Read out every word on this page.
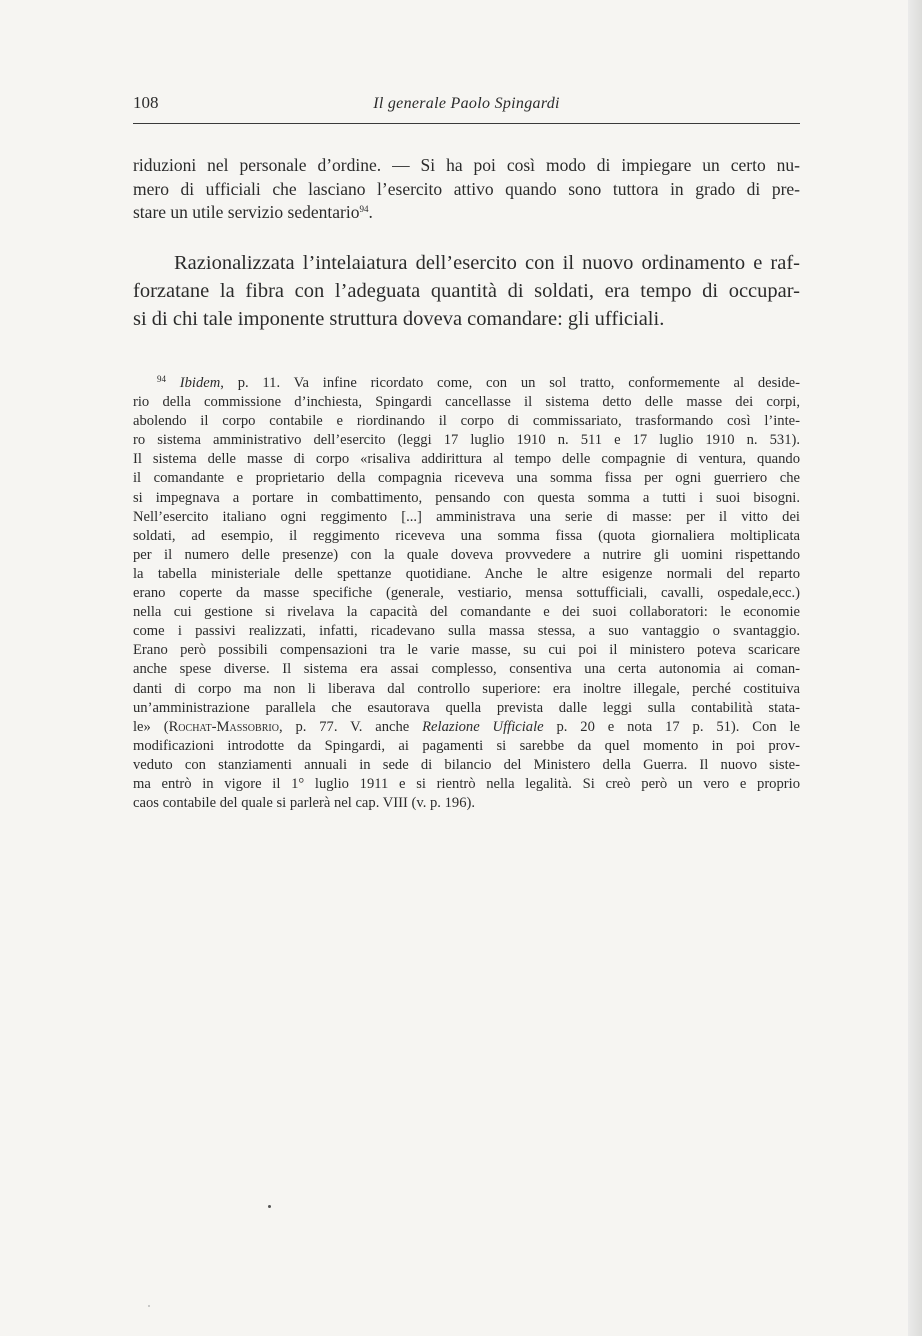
108	Il generale Paolo Spingardi
riduzioni nel personale d’ordine. — Si ha poi così modo di impiegare un certo nu-
mero di ufficiali che lasciano l’esercito attivo quando sono tuttora in grado di pre-
stare un utile servizio sedentario$^{94}$.
Razionalizzata l’intelaiatura dell’esercito con il nuovo ordinamento e raf-
forzatane la fibra con l’adeguata quantità di soldati, era tempo di occupar-
si di chi tale imponente struttura doveva comandare: gli ufficiali.
$^{94}$ Ibidem, p. 11. Va infine ricordato come, con un sol tratto, conformemente al deside-
rio della commissione d’inchiesta, Spingardi cancellasse il sistema detto delle masse dei corpi,
abolendo il corpo contabile e riordinando il corpo di commissariato, trasformando così l’inte-
ro sistema amministrativo dell’esercito (leggi 17 luglio 1910 n. 511 e 17 luglio 1910 n. 531).
Il sistema delle masse di corpo «risaliva addirittura al tempo delle compagnie di ventura, quando
il comandante e proprietario della compagnia riceveva una somma fissa per ogni guerriero che
si impegnava a portare in combattimento, pensando con questa somma a tutti i suoi bisogni.
Nell’esercito italiano ogni reggimento [...] amministrava una serie di masse: per il vitto dei
soldati, ad esempio, il reggimento riceveva una somma fissa (quota giornaliera moltiplicata
per il numero delle presenze) con la quale doveva provvedere a nutrire gli uomini rispettando
la tabella ministeriale delle spettanze quotidiane. Anche le altre esigenze normali del reparto
erano coperte da masse specifiche (generale, vestiario, mensa sottufficiali, cavalli, ospedale,ecc.)
nella cui gestione si rivelava la capacità del comandante e dei suoi collaboratori: le economie
come i passivi realizzati, infatti, ricadevano sulla massa stessa, a suo vantaggio o svantaggio.
Erano però possibili compensazioni tra le varie masse, su cui poi il ministero poteva scaricare
anche spese diverse. Il sistema era assai complesso, consentiva una certa autonomia ai coman-
danti di corpo ma non li liberava dal controllo superiore: era inoltre illegale, perché costituiva
un’amministrazione parallela che esautorava quella prevista dalle leggi sulla contabilità stata-
le» (Rochat-Massobrio, p. 77. V. anche Relazione Ufficiale p. 20 e nota 17 p. 51). Con le
modificazioni introdotte da Spingardi, ai pagamenti si sarebbe da quel momento in poi prov-
veduto con stanziamenti annuali in sede di bilancio del Ministero della Guerra. Il nuovo siste-
ma entrò in vigore il 1° luglio 1911 e si rientrò nella legalità. Si creò però un vero e proprio
caos contabile del quale si parlerà nel cap. VIII (v. p. 196).
